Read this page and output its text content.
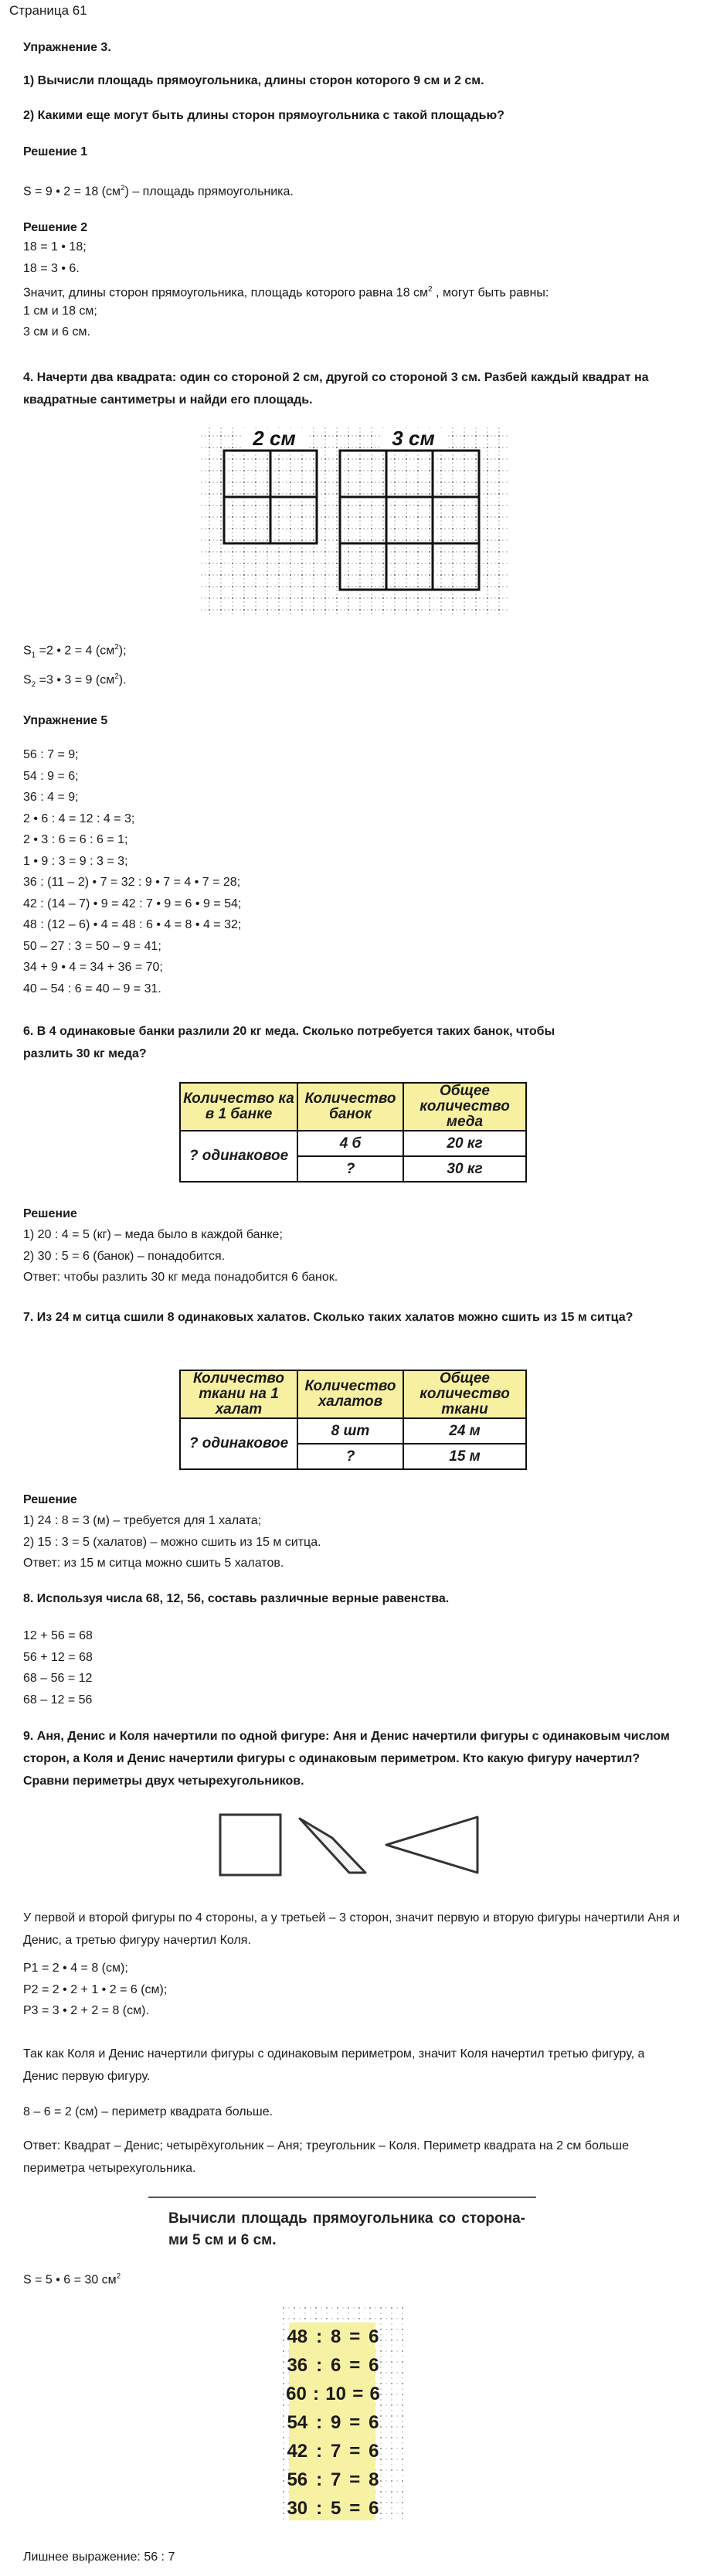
Страница 61
Упражнение 3.
1) Вычисли площадь прямоугольника, длины сторон которого 9 см и 2 см.
2) Какими еще могут быть длины сторон прямоугольника с такой площадью?
Решение 1
S = 9 • 2 = 18 $(см^2)$ – площадь прямоугольника.
Решение 2
18 = 1 • 18;
18 = 3 • 6.
Значит, длины сторон прямоугольника, площадь которого равна 18 $см^2$ , могут быть равны:
1 см и 18 см;
3 см и 6 см.
4. Начерти два квадрата: один со стороной 2 см, другой со стороной 3 см. Разбей каждый квадрат на квадратные сантиметры и найди его площадь.
2 см	3 см
$S_1 =2$ • 2 = 4 $(см^2)$;
$S_2 =3$ • 3 = 9 $(см^2)$.
Упражнение 5
56 : 7 = 9;
54 : 9 = 6;
36 : 4 = 9;
2 • 6 : 4 = 12 : 4 = 3;
2 • 3 : 6 = 6 : 6 = 1;
1 • 9 : 3 = 9 : 3 = 3;
36 : (11 – 2) • 7 = 32 : 9 • 7 = 4 • 7 = 28;
42 : (14 – 7) • 9 = 42 : 7 • 9 = 6 • 9 = 54;
48 : (12 – 6) • 4 = 48 : 6 • 4 = 8 • 4 = 32;
50 – 27 : 3 = 50 – 9 = 41;
34 + 9 • 4 = 34 + 36 = 70;
40 – 54 : 6 = 40 – 9 = 31.
6. В 4 одинаковые банки разлили 20 кг меда. Сколько потребуется таких банок, чтобы разлить 30 кг меда?
Количество ка в 1 банке	Количество банок	Общее количество меда
? одинаковое	4 б	20 кг
	?	30 кг
Решение
1) 20 : 4 = 5 (кг) – меда было в каждой банке;
2) 30 : 5 = 6 (банок) – понадобится.
Ответ: чтобы разлить 30 кг меда понадобится 6 банок.
7. Из 24 м ситца сшили 8 одинаковых халатов. Сколько таких халатов можно сшить из 15 м ситца?
Количество ткани на 1 халат	Количество халатов	Общее количество ткани
? одинаковое	8 шт	24 м
	?	15 м
Решение
1) 24 : 8 = 3 (м) – требуется для 1 халата;
2) 15 : 3 = 5 (халатов) – можно сшить из 15 м ситца.
Ответ: из 15 м ситца можно сшить 5 халатов.
8. Используя числа 68, 12, 56, составь различные верные равенства.
12 + 56 = 68
56 + 12 = 68
68 – 56 = 12
68 – 12 = 56
9. Аня, Денис и Коля начертили по одной фигуре: Аня и Денис начертили фигуры с одинаковым числом сторон, а Коля и Денис начертили фигуры с одинаковым периметром. Кто какую фигуру начертил? Сравни периметры двух четырехугольников.
У первой и второй фигуры по 4 стороны, а у третьей – 3 сторон, значит первую и вторую фигуры начертили Аня и Денис, а третью фигуру начертил Коля.
P1 = 2 • 4 = 8 (см);
P2 = 2 • 2 + 1 • 2 = 6 (см);
P3 = 3 • 2 + 2 = 8 (см).
Так как Коля и Денис начертили фигуры с одинаковым периметром, значит Коля начертил третью фигуру, а Денис первую фигуру.
8 – 6 = 2 (см) – периметр квадрата больше.
Ответ: Квадрат – Денис; четырёхугольник – Аня; треугольник – Коля. Периметр квадрата на 2 см больше периметра четырехугольника.
Вычисли площадь прямоугольника со сторона- ми 5 см и 6 см.
S = 5 • 6 = 30 $см^2$
48 : 8 = 6
36 : 6 = 6
60 : 10 = 6
54 : 9 = 6
42 : 7 = 6
56 : 7 = 8
30 : 5 = 6
Лишнее выражение: 56 : 7
